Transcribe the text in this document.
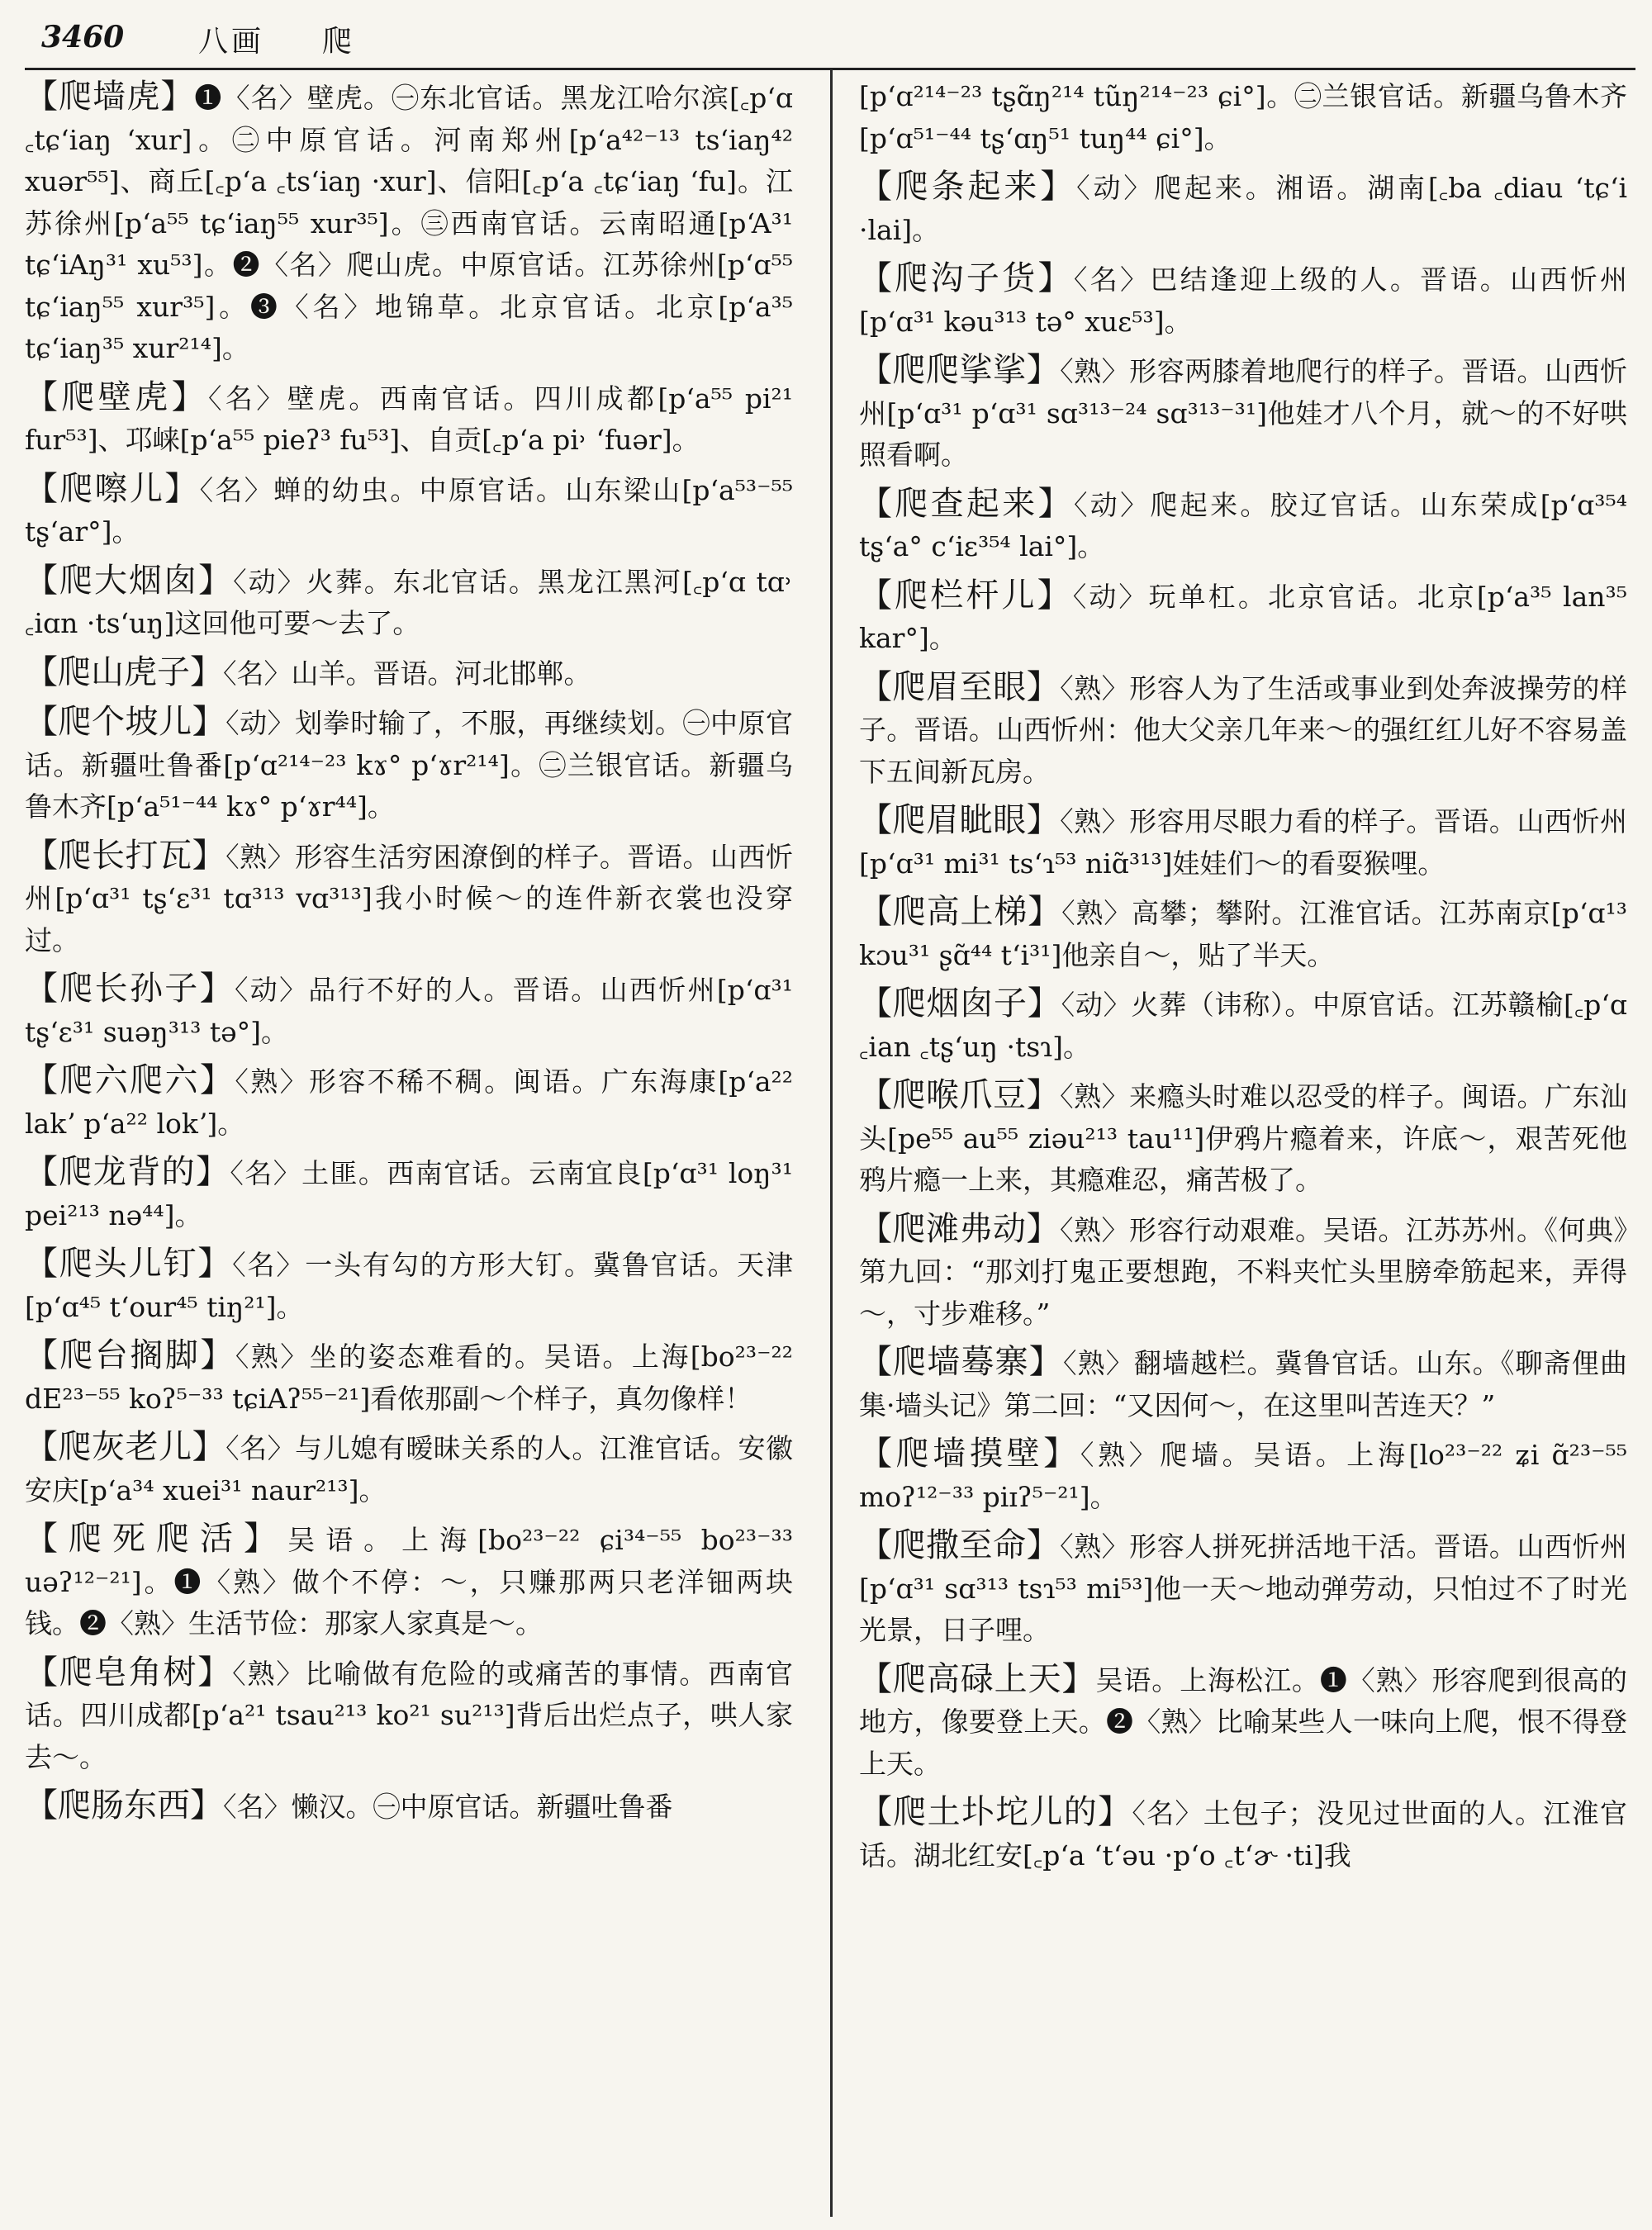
3460 八画 爬

【爬墙虎】❶〈名〉壁虎。㊀东北官话。黑龙江哈尔滨[꜀pʻɑ ꜀tɕʻiaŋ ʻxur]。㊁中原官话。河南郑州[pʻa⁴²⁻¹³ tsʻiaŋ⁴² xuər⁵⁵]、商丘[꜀pʻa ꜀tsʻiaŋ ·xur]、信阳[꜀pʻa ꜀tɕʻiaŋ ʻfu]。江苏徐州[pʻa⁵⁵ tɕʻiaŋ⁵⁵ xur³⁵]。㊂西南官话。云南昭通[pʻA³¹ tɕʻiAŋ³¹ xu⁵³]。❷〈名〉爬山虎。中原官话。江苏徐州[pʻɑ⁵⁵ tɕʻiaŋ⁵⁵ xur³⁵]。❸〈名〉地锦草。北京官话。北京[pʻa³⁵ tɕʻiaŋ³⁵ xur²¹⁴]。

【爬壁虎】〈名〉壁虎。西南官话。四川成都[pʻa⁵⁵ pi²¹ fur⁵³]、邛崃[pʻa⁵⁵ pieʔ³ fu⁵³]、自贡[꜀pʻa pi˒ ʻfuər]。

【爬嚓儿】〈名〉蝉的幼虫。中原官话。山东梁山[pʻa⁵³⁻⁵⁵ tʂʻar°]。

【爬大烟囱】〈动〉火葬。东北官话。黑龙江黑河[꜀pʻɑ tɑ˒ ꜀iɑn ·tsʻuŋ]这回他可要～去了。

【爬山虎子】〈名〉山羊。晋语。河北邯郸。

【爬个坡儿】〈动〉划拳时输了，不服，再继续划。㊀中原官话。新疆吐鲁番[pʻɑ²¹⁴⁻²³ kɤ° pʻɤr²¹⁴]。㊁兰银官话。新疆乌鲁木齐[pʻa⁵¹⁻⁴⁴ kɤ° pʻɤr⁴⁴]。

【爬长打瓦】〈熟〉形容生活穷困潦倒的样子。晋语。山西忻州[pʻɑ³¹ tʂʻɛ³¹ tɑ³¹³ vɑ³¹³]我小时候～的连件新衣裳也没穿过。

【爬长孙子】〈动〉品行不好的人。晋语。山西忻州[pʻɑ³¹ tʂʻɛ³¹ suəŋ³¹³ tə°]。

【爬六爬六】〈熟〉形容不稀不稠。闽语。广东海康[pʻa²² lakʼ pʻa²² lokʼ]。

【爬龙背的】〈名〉土匪。西南官话。云南宜良[pʻɑ³¹ loŋ³¹ pei²¹³ nə⁴⁴]。

【爬头儿钉】〈名〉一头有勾的方形大钉。冀鲁官话。天津[pʻɑ⁴⁵ tʻour⁴⁵ tiŋ²¹]。

【爬台搁脚】〈熟〉坐的姿态难看的。吴语。上海[bo²³⁻²² dE²³⁻⁵⁵ koʔ⁵⁻³³ tɕiAʔ⁵⁵⁻²¹]看侬那副～个样子，真勿像样！

【爬灰老儿】〈名〉与儿媳有暧昧关系的人。江淮官话。安徽安庆[pʻa³⁴ xuei³¹ naur²¹³]。

【爬死爬活】吴语。上海[bo²³⁻²² ɕi³⁴⁻⁵⁵ bo²³⁻³³ uəʔ¹²⁻²¹]。❶〈熟〉做个不停：～，只赚那两只老洋钿两块钱。❷〈熟〉生活节俭：那家人家真是～。

【爬皂角树】〈熟〉比喻做有危险的或痛苦的事情。西南官话。四川成都[pʻa²¹ tsau²¹³ ko²¹ su²¹³]背后出烂点子，哄人家去～。

【爬肠东西】〈名〉懒汉。㊀中原官话。新疆吐鲁番

[pʻɑ²¹⁴⁻²³ tʂɑ̃ŋ²¹⁴ tũŋ²¹⁴⁻²³ ɕi°]。㊁兰银官话。新疆乌鲁木齐[pʻɑ⁵¹⁻⁴⁴ tʂʻɑŋ⁵¹ tuŋ⁴⁴ ɕi°]。

【爬条起来】〈动〉爬起来。湘语。湖南[꜀ba ꜀diau ʻtɕʻi ·lai]。

【爬沟子货】〈名〉巴结逢迎上级的人。晋语。山西忻州[pʻɑ³¹ kəu³¹³ tə° xuɛ⁵³]。

【爬爬挲挲】〈熟〉形容两膝着地爬行的样子。晋语。山西忻州[pʻɑ³¹ pʻɑ³¹ sɑ³¹³⁻²⁴ sɑ³¹³⁻³¹]他娃才八个月，就～的不好哄照看啊。

【爬查起来】〈动〉爬起来。胶辽官话。山东荣成[pʻɑ³⁵⁴ tʂʻa° cʻiɛ³⁵⁴ lai°]。

【爬栏杆儿】〈动〉玩单杠。北京官话。北京[pʻa³⁵ lan³⁵ kar°]。

【爬眉至眼】〈熟〉形容人为了生活或事业到处奔波操劳的样子。晋语。山西忻州：他大父亲几年来～的强红红儿好不容易盖下五间新瓦房。

【爬眉眦眼】〈熟〉形容用尽眼力看的样子。晋语。山西忻州[pʻɑ³¹ mi³¹ tsʻɿ⁵³ niɑ̃³¹³]娃娃们～的看耍猴哩。

【爬高上梯】〈熟〉高攀；攀附。江淮官话。江苏南京[pʻɑ¹³ kɔu³¹ ʂɑ̃⁴⁴ tʻi³¹]他亲自～，贴了半天。

【爬烟囱子】〈动〉火葬（讳称）。中原官话。江苏赣榆[꜀pʻɑ ꜀ian ꜀tʂʻuŋ ·tsɿ]。

【爬喉爪豆】〈熟〉来瘾头时难以忍受的样子。闽语。广东汕头[pe⁵⁵ au⁵⁵ ziəu²¹³ tau¹¹]伊鸦片瘾着来，许底～，艰苦死他鸦片瘾一上来，其瘾难忍，痛苦极了。

【爬滩弗动】〈熟〉形容行动艰难。吴语。江苏苏州。《何典》第九回：“那刘打鬼正要想跑，不料夹忙头里膀牵筋起来，弄得～，寸步难移。”

【爬墙蓦寨】〈熟〉翻墙越栏。冀鲁官话。山东。《聊斋俚曲集·墙头记》第二回：“又因何～，在这里叫苦连天？”

【爬墙摸壁】〈熟〉爬墙。吴语。上海[lo²³⁻²² ʑi ɑ̃²³⁻⁵⁵ moʔ¹²⁻³³ piɪʔ⁵⁻²¹]。

【爬撒至命】〈熟〉形容人拼死拼活地干活。晋语。山西忻州[pʻɑ³¹ sɑ³¹³ tsɿ⁵³ mi⁵³]他一天～地动弹劳动，只怕过不了时光光景，日子哩。

【爬高碌上天】吴语。上海松江。❶〈熟〉形容爬到很高的地方，像要登上天。❷〈熟〉比喻某些人一味向上爬，恨不得登上天。

【爬土圤坨儿的】〈名〉土包子；没见过世面的人。江淮官话。湖北红安[꜀pʻa ʻtʻəu ·pʻo ꜀tʻɚ ·ti]我
